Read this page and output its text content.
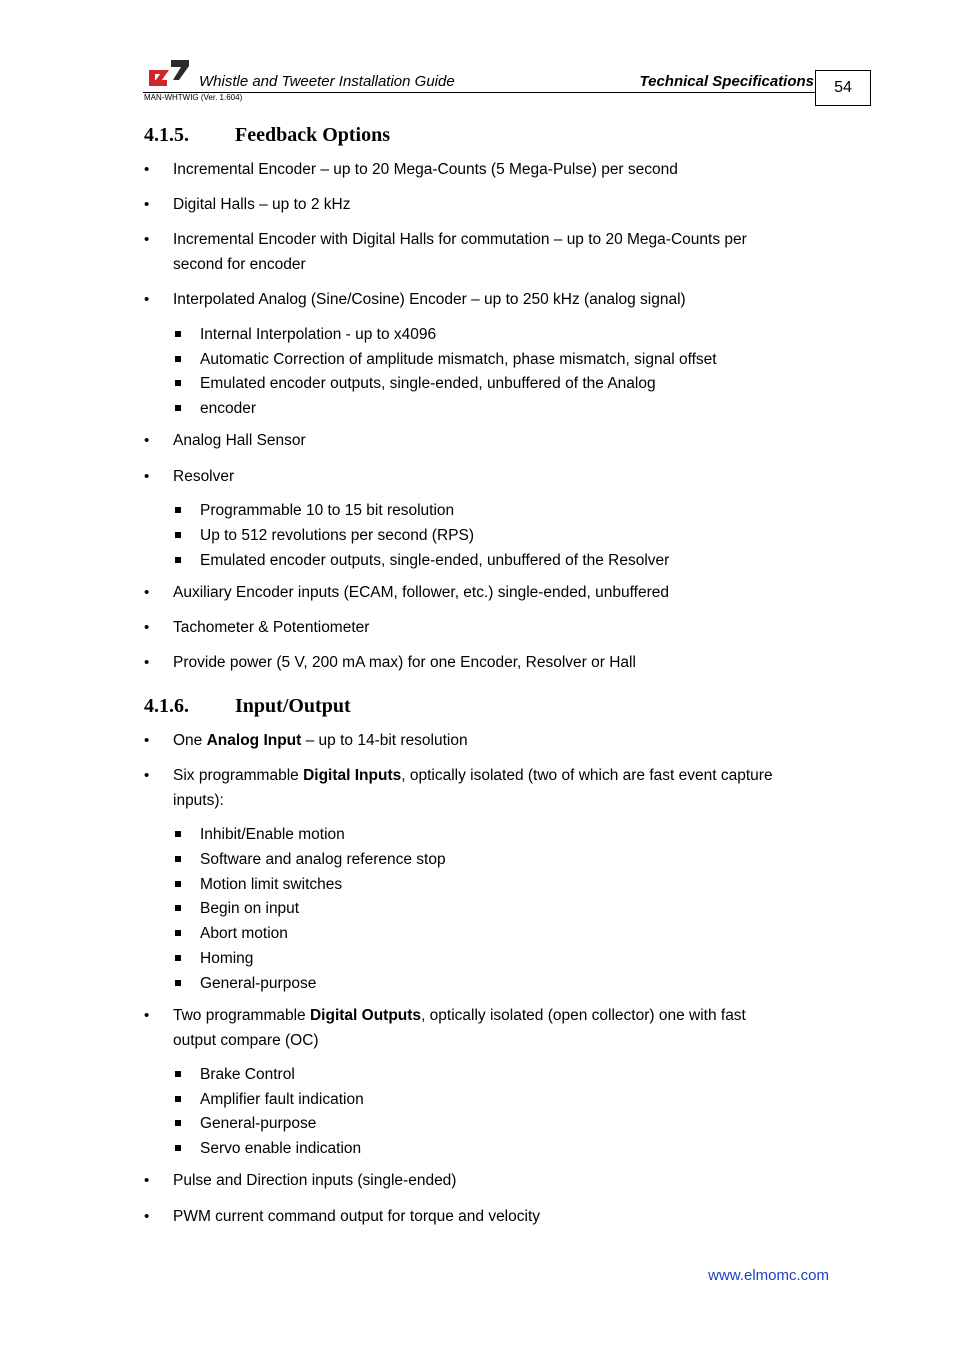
Whistle and Tweeter Installation Guide	Technical Specifications
MAN-WHTWIG (Ver. 1.604)
54
4.1.5. Feedback Options
• Incremental Encoder – up to 20 Mega-Counts (5 Mega-Pulse) per second
• Digital Halls – up to 2 kHz
• Incremental Encoder with Digital Halls for commutation – up to 20 Mega-Counts per
second for encoder
• Interpolated Analog (Sine/Cosine) Encoder – up to 250 kHz (analog signal)
Internal Interpolation - up to x4096
Automatic Correction of amplitude mismatch, phase mismatch, signal offset
Emulated encoder outputs, single-ended, unbuffered of the Analog
encoder
• Analog Hall Sensor
• Resolver
Programmable 10 to 15 bit resolution
Up to 512 revolutions per second (RPS)
Emulated encoder outputs, single-ended, unbuffered of the Resolver
• Auxiliary Encoder inputs (ECAM, follower, etc.) single-ended, unbuffered
• Tachometer & Potentiometer
• Provide power (5 V, 200 mA max) for one Encoder, Resolver or Hall
4.1.6. Input/Output
• One Analog Input – up to 14-bit resolution
• Six programmable Digital Inputs, optically isolated (two of which are fast event capture
inputs):
Inhibit/Enable motion
Software and analog reference stop
Motion limit switches
Begin on input
Abort motion
Homing
General-purpose
• Two programmable Digital Outputs, optically isolated (open collector) one with fast
output compare (OC)
Brake Control
Amplifier fault indication
General-purpose
Servo enable indication
• Pulse and Direction inputs (single-ended)
• PWM current command output for torque and velocity
www.elmomc.com
